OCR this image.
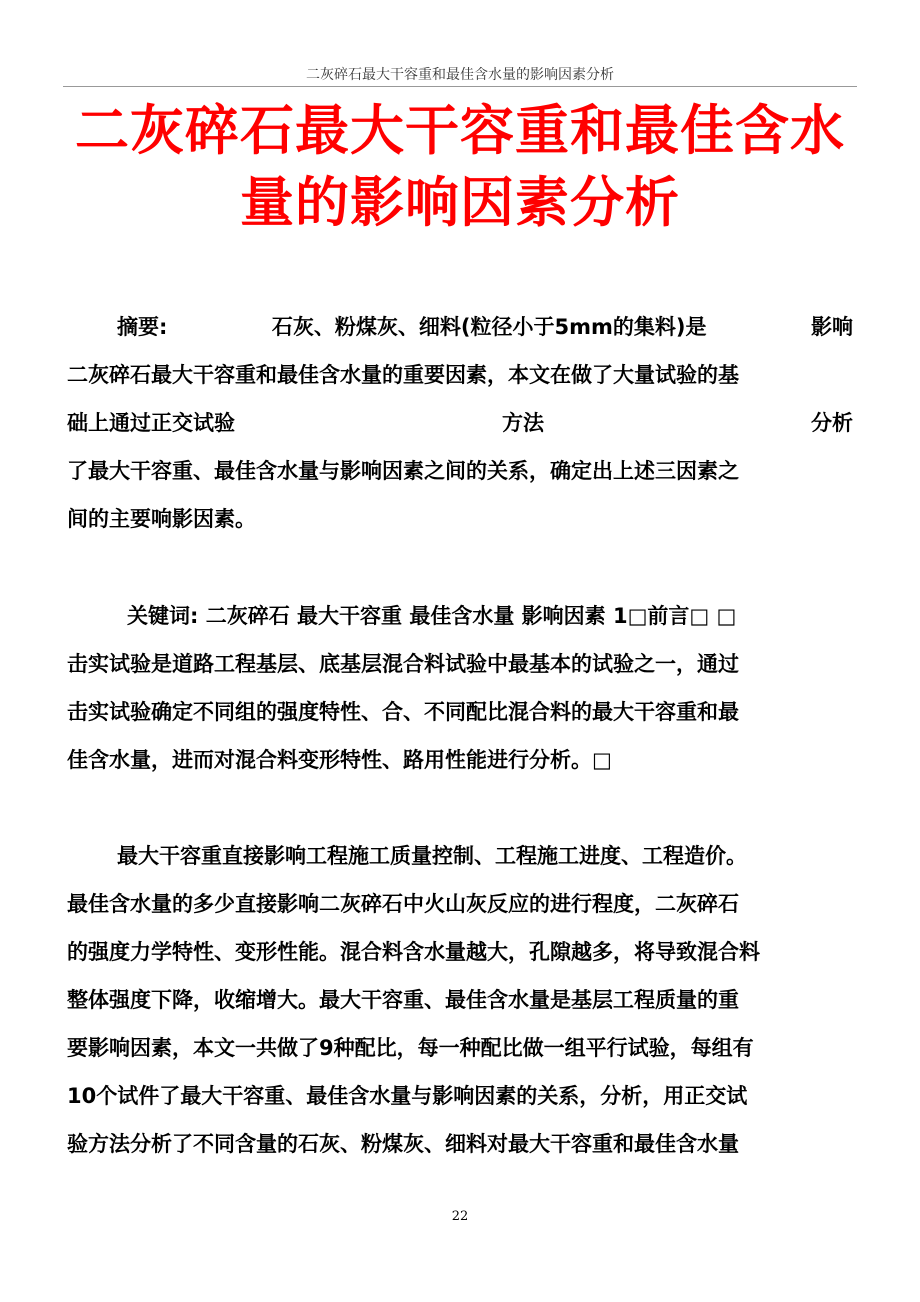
二灰碎石最大干容重和最佳含水量的影响因素分析
二灰碎石最大干容重和最佳含水
量的影响因素分析
摘要:	石灰、粉煤灰、细料(粒径小于5mm的集料)是	影响
二灰碎石最大干容重和最佳含水量的重要因素，本文在做了大量试验的基
础上通过正交试验	方法	分析
了最大干容重、最佳含水量与影响因素之间的关系，确定出上述三因素之
间的主要响影因素。
关键词: 二灰碎石 最大干容重 最佳含水量 影响因素 1□前言□ □
击实试验是道路工程基层、底基层混合料试验中最基本的试验之一，通过
击实试验确定不同组的强度特性、合、不同配比混合料的最大干容重和最
佳含水量，进而对混合料变形特性、路用性能进行分析。□
最大干容重直接影响工程施工质量控制、工程施工进度、工程造价。
最佳含水量的多少直接影响二灰碎石中火山灰反应的进行程度，二灰碎石
的强度力学特性、变形性能。混合料含水量越大，孔隙越多，将导致混合料
整体强度下降，收缩增大。最大干容重、最佳含水量是基层工程质量的重
要影响因素，本文一共做了9种配比，每一种配比做一组平行试验，每组有
10个试件了最大干容重、最佳含水量与影响因素的关系，分析，用正交试
验方法分析了不同含量的石灰、粉煤灰、细料对最大干容重和最佳含水量
22
